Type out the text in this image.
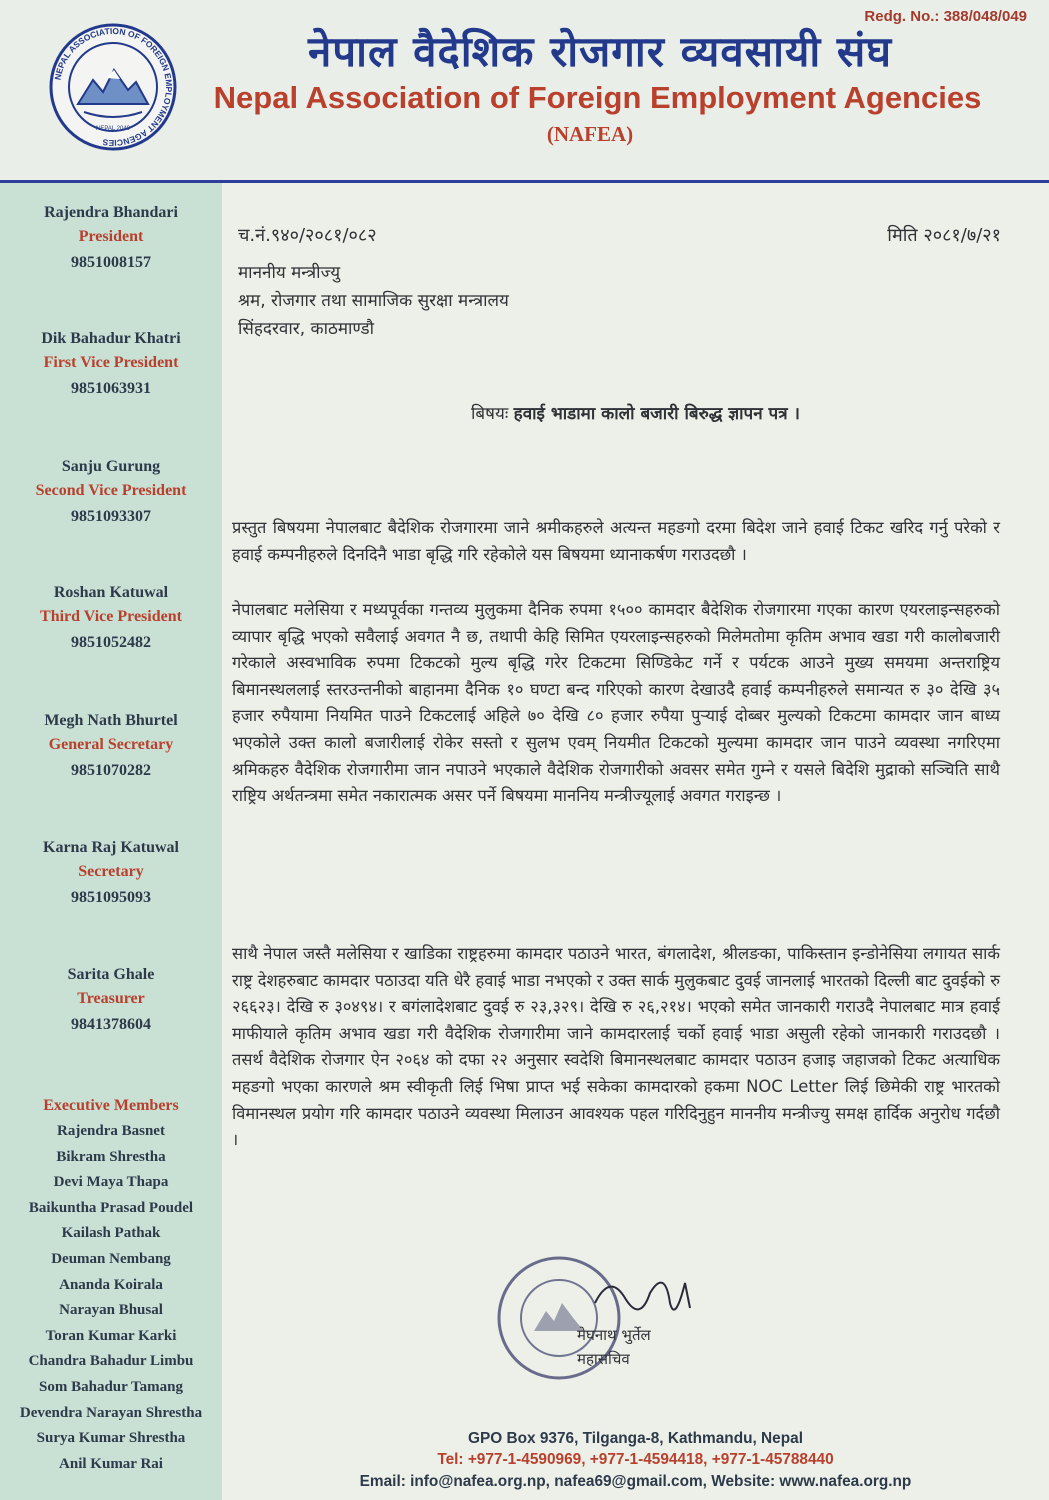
Redg. No.: 388/048/049
NEPAL ASSOCIATION OF FOREIGN EMPLOYMENT AGENCIES
NEPAL 2049
नेपाल वैदेशिक रोजगार व्यवसायी संघ
Nepal Association of Foreign Employment Agencies
(NAFEA)
Rajendra Bhandari
President
9851008157
Dik Bahadur Khatri
First Vice President
9851063931
Sanju Gurung
Second Vice President
9851093307
Roshan Katuwal
Third Vice President
9851052482
Megh Nath Bhurtel
General Secretary
9851070282
Karna Raj Katuwal
Secretary
9851095093
Sarita Ghale
Treasurer
9841378604
Executive Members
Rajendra Basnet
Bikram Shrestha
Devi Maya Thapa
Baikuntha Prasad Poudel
Kailash Pathak
Deuman Nembang
Ananda Koirala
Narayan Bhusal
Toran Kumar Karki
Chandra Bahadur Limbu
Som Bahadur Tamang
Devendra Narayan Shrestha
Surya Kumar Shrestha
Anil Kumar Rai
च.नं.९४०/२०८१/०८२	मिति २०८१/७/२१
माननीय मन्त्रीज्यु
श्रम, रोजगार तथा सामाजिक सुरक्षा मन्त्रालय
सिंहदरवार, काठमाण्डौ
बिषयः हवाई भाडामा कालो बजारी बिरुद्ध ज्ञापन पत्र ।
प्रस्तुत बिषयमा नेपालबाट बैदेशिक रोजगारमा जाने श्रमीकहरुले अत्यन्त महङगो दरमा बिदेश जाने हवाई टिकट खरिद गर्नु परेको र हवाई कम्पनीहरुले दिनदिनै भाडा बृद्धि गरि रहेकोले यस बिषयमा ध्यानाकर्षण गराउदछौ ।
नेपालबाट मलेसिया र मध्यपूर्वका गन्तव्य मुलुकमा दैनिक रुपमा १५०० कामदार बैदेशिक रोजगारमा गएका कारण एयरलाइन्सहरुको व्यापार बृद्धि भएको सवैलाई अवगत नै छ, तथापी केहि सिमित एयरलाइन्सहरुको मिलेमतोमा कृतिम अभाव खडा गरी कालोबजारी गरेकाले अस्वभाविक रुपमा टिकटको मुल्य बृद्धि गरेर टिकटमा सिण्डिकेट गर्ने र पर्यटक आउने मुख्य समयमा अन्तराष्ट्रिय बिमानस्थललाई स्तरउन्तनीको बाहानमा दैनिक १० घण्टा बन्द गरिएको कारण देखाउदै हवाई कम्पनीहरुले समान्यत रु ३० देखि ३५ हजार रुपैयामा नियमित पाउने टिकटलाई अहिले ७० देखि ८० हजार रुपैया पुऱ्याई दोब्बर मुल्यको टिकटमा कामदार जान बाध्य भएकोले उक्त कालो बजारीलाई रोकेर सस्तो र सुलभ एवम् नियमीत टिकटको मुल्यमा कामदार जान पाउने व्यवस्था नगरिएमा श्रमिकहरु वैदेशिक रोजगारीमा जान नपाउने भएकाले वैदेशिक रोजगारीको अवसर समेत गुम्ने र यसले बिदेशि मुद्राको सञ्चिति साथै राष्ट्रिय अर्थतन्त्रमा समेत नकारात्मक असर पर्ने बिषयमा माननिय मन्त्रीज्यूलाई अवगत गराइन्छ ।
साथै नेपाल जस्तै मलेसिया र खाडिका राष्ट्रहरुमा कामदार पठाउने भारत, बंगलादेश, श्रीलङका, पाकिस्तान इन्डोनेसिया लगायत सार्क राष्ट्र देशहरुबाट कामदार पठाउदा यति धेरै हवाई भाडा नभएको र उक्त सार्क मुलुकबाट दुवई जानलाई भारतको दिल्ली बाट दुवईको रु २६६२३। देखि रु ३०४९४। र बगंलादेशबाट दुवई रु २३,३२९। देखि रु २६,२१४। भएको समेत जानकारी गराउदै नेपालबाट मात्र हवाई माफीयाले कृतिम अभाव खडा गरी वैदेशिक रोजगारीमा जाने कामदारलाई चर्को हवाई भाडा असुली रहेको जानकारी गराउदछौ । तसर्थ वैदेशिक रोजगार ऐन २०६४ को दफा २२ अनुसार स्वदेशि बिमानस्थलबाट कामदार पठाउन हजाइ जहाजको टिकट अत्याधिक महङगो भएका कारणले श्रम स्वीकृती लिई भिषा प्राप्त भई सकेका कामदारको हकमा NOC Letter लिई छिमेकी राष्ट्र भारतको विमानस्थल प्रयोग गरि कामदार पठाउने व्यवस्था मिलाउन आवश्यक पहल गरिदिनुहुन माननीय मन्त्रीज्यु समक्ष हार्दिक अनुरोध गर्दछौ ।
मेघनाथ भुर्तेल
महासचिव
GPO Box 9376, Tilganga-8, Kathmandu, Nepal
Tel: +977-1-4590969, +977-1-4594418, +977-1-45788440
Email: info@nafea.org.np, nafea69@gmail.com, Website: www.nafea.org.np
